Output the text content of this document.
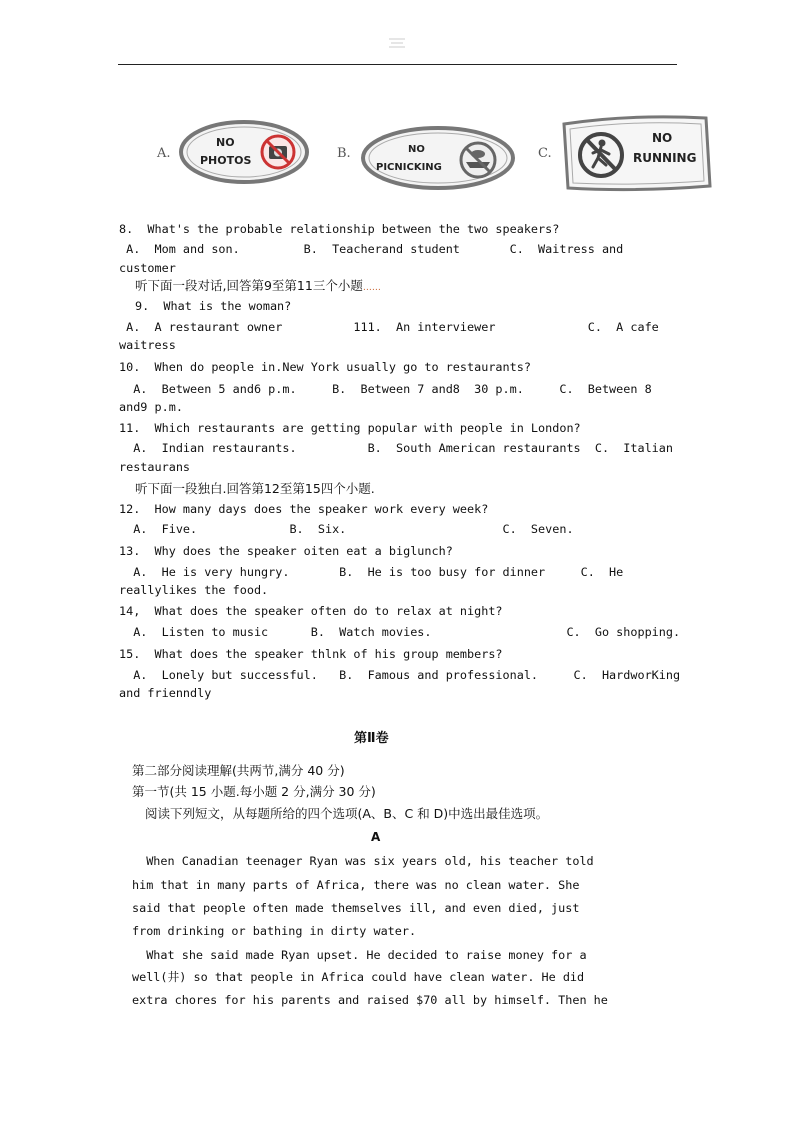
A.
NO
PHOTOS	B.	NO
PICNICKING
C.
NO
RUNNING
8.  What's the probable relationship between the two speakers?
A.  Mom and son.         B.  Teacherand student       C.  Waitress and
customer
听下面一段对话,回答第9至第11三个小题……
9.  What is the woman?
A.  A restaurant owner          111.  An interviewer             C.  A cafe
waitress
10.  When do people in.New York usually go to restaurants?
A.  Between 5 and6 p.m.     B.  Between 7 and8  30 p.m.     C.  Between 8
and9 p.m.
11.  Which restaurants are getting popular with people in London?
A.  Indian restaurants.          B.  South American restaurants  C.  Italian
restaurans
听下面一段独白.回答第12至第15四个小题.
12.  How many days does the speaker work every week?
A.  Five.             B.  Six.                      C.  Seven.
13.  Why does the speaker oiten eat a biglunch?
A.  He is very hungry.       B.  He is too busy for dinner     C.  He
reallylikes the food.
14,  What does the speaker often do to relax at night?
A.  Listen to music      B.  Watch movies.                   C.  Go shopping.
15.  What does the speaker thlnk of his group members?
A.  Lonely but successful.   B.  Famous and professional.     C.  HardworKing
and frienndly
第Ⅱ卷
第二部分阅读理解(共两节,满分 40 分)
第一节(共 15 小题.每小题 2 分,满分 30 分)
阅读下列短文，从每题所给的四个选项(A、B、C 和 D)中选出最佳选项。
A
When Canadian teenager Ryan was six years old, his teacher told
him that in many parts of Africa, there was no clean water. She
said that people often made themselves ill, and even died, just
from drinking or bathing in dirty water.
What she said made Ryan upset. He decided to raise money for a
well(井) so that people in Africa could have clean water. He did
extra chores for his parents and raised $70 all by himself. Then he
